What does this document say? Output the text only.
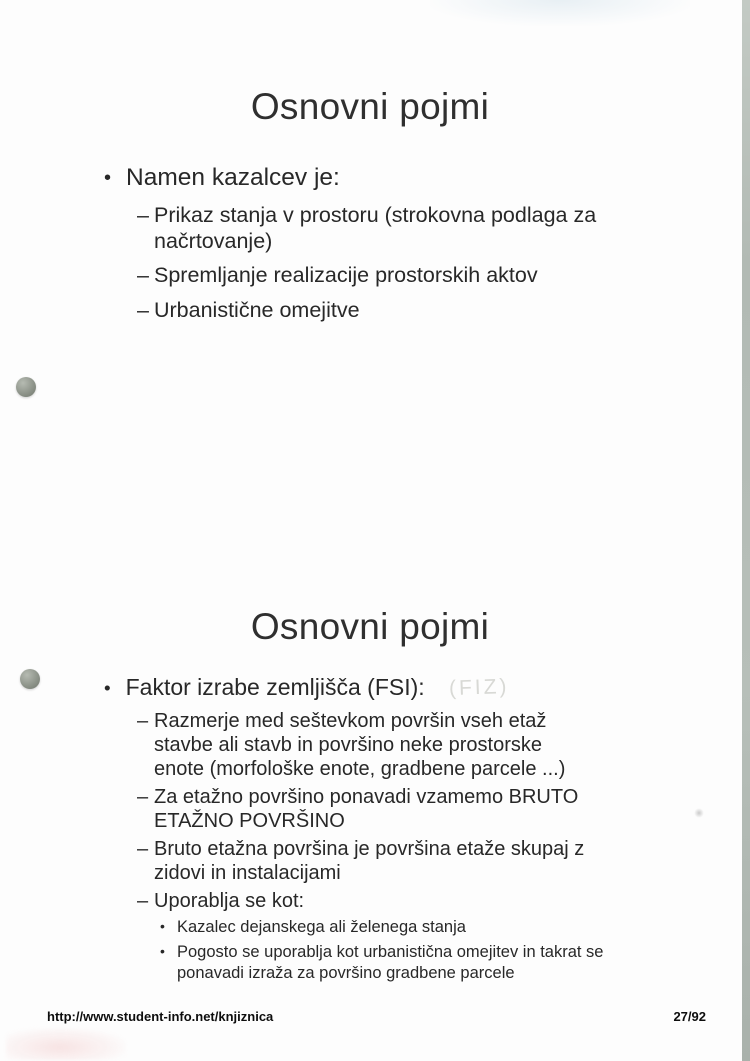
Osnovni pojmi
• Namen kazalcev je:
– Prikaz stanja v prostoru (strokovna podlaga za načrtovanje)
– Spremljanje realizacije prostorskih aktov
– Urbanistične omejitve
Osnovni pojmi
• Faktor izrabe zemljišča (FSI): (FIZ)
– Razmerje med seštevkom površin vseh etaž stavbe ali stavb in površino neke prostorske enote (morfološke enote, gradbene parcele ...)
– Za etažno površino ponavadi vzamemo BRUTO ETAŽNO POVRŠINO
– Bruto etažna površina je površina etaže skupaj z zidovi in instalacijami
– Uporablja se kot:
• Kazalec dejanskega ali želenega stanja
• Pogosto se uporablja kot urbanistična omejitev in takrat se ponavadi izraža za površino gradbene parcele
http://www.student-info.net/knjiznica	27/92
